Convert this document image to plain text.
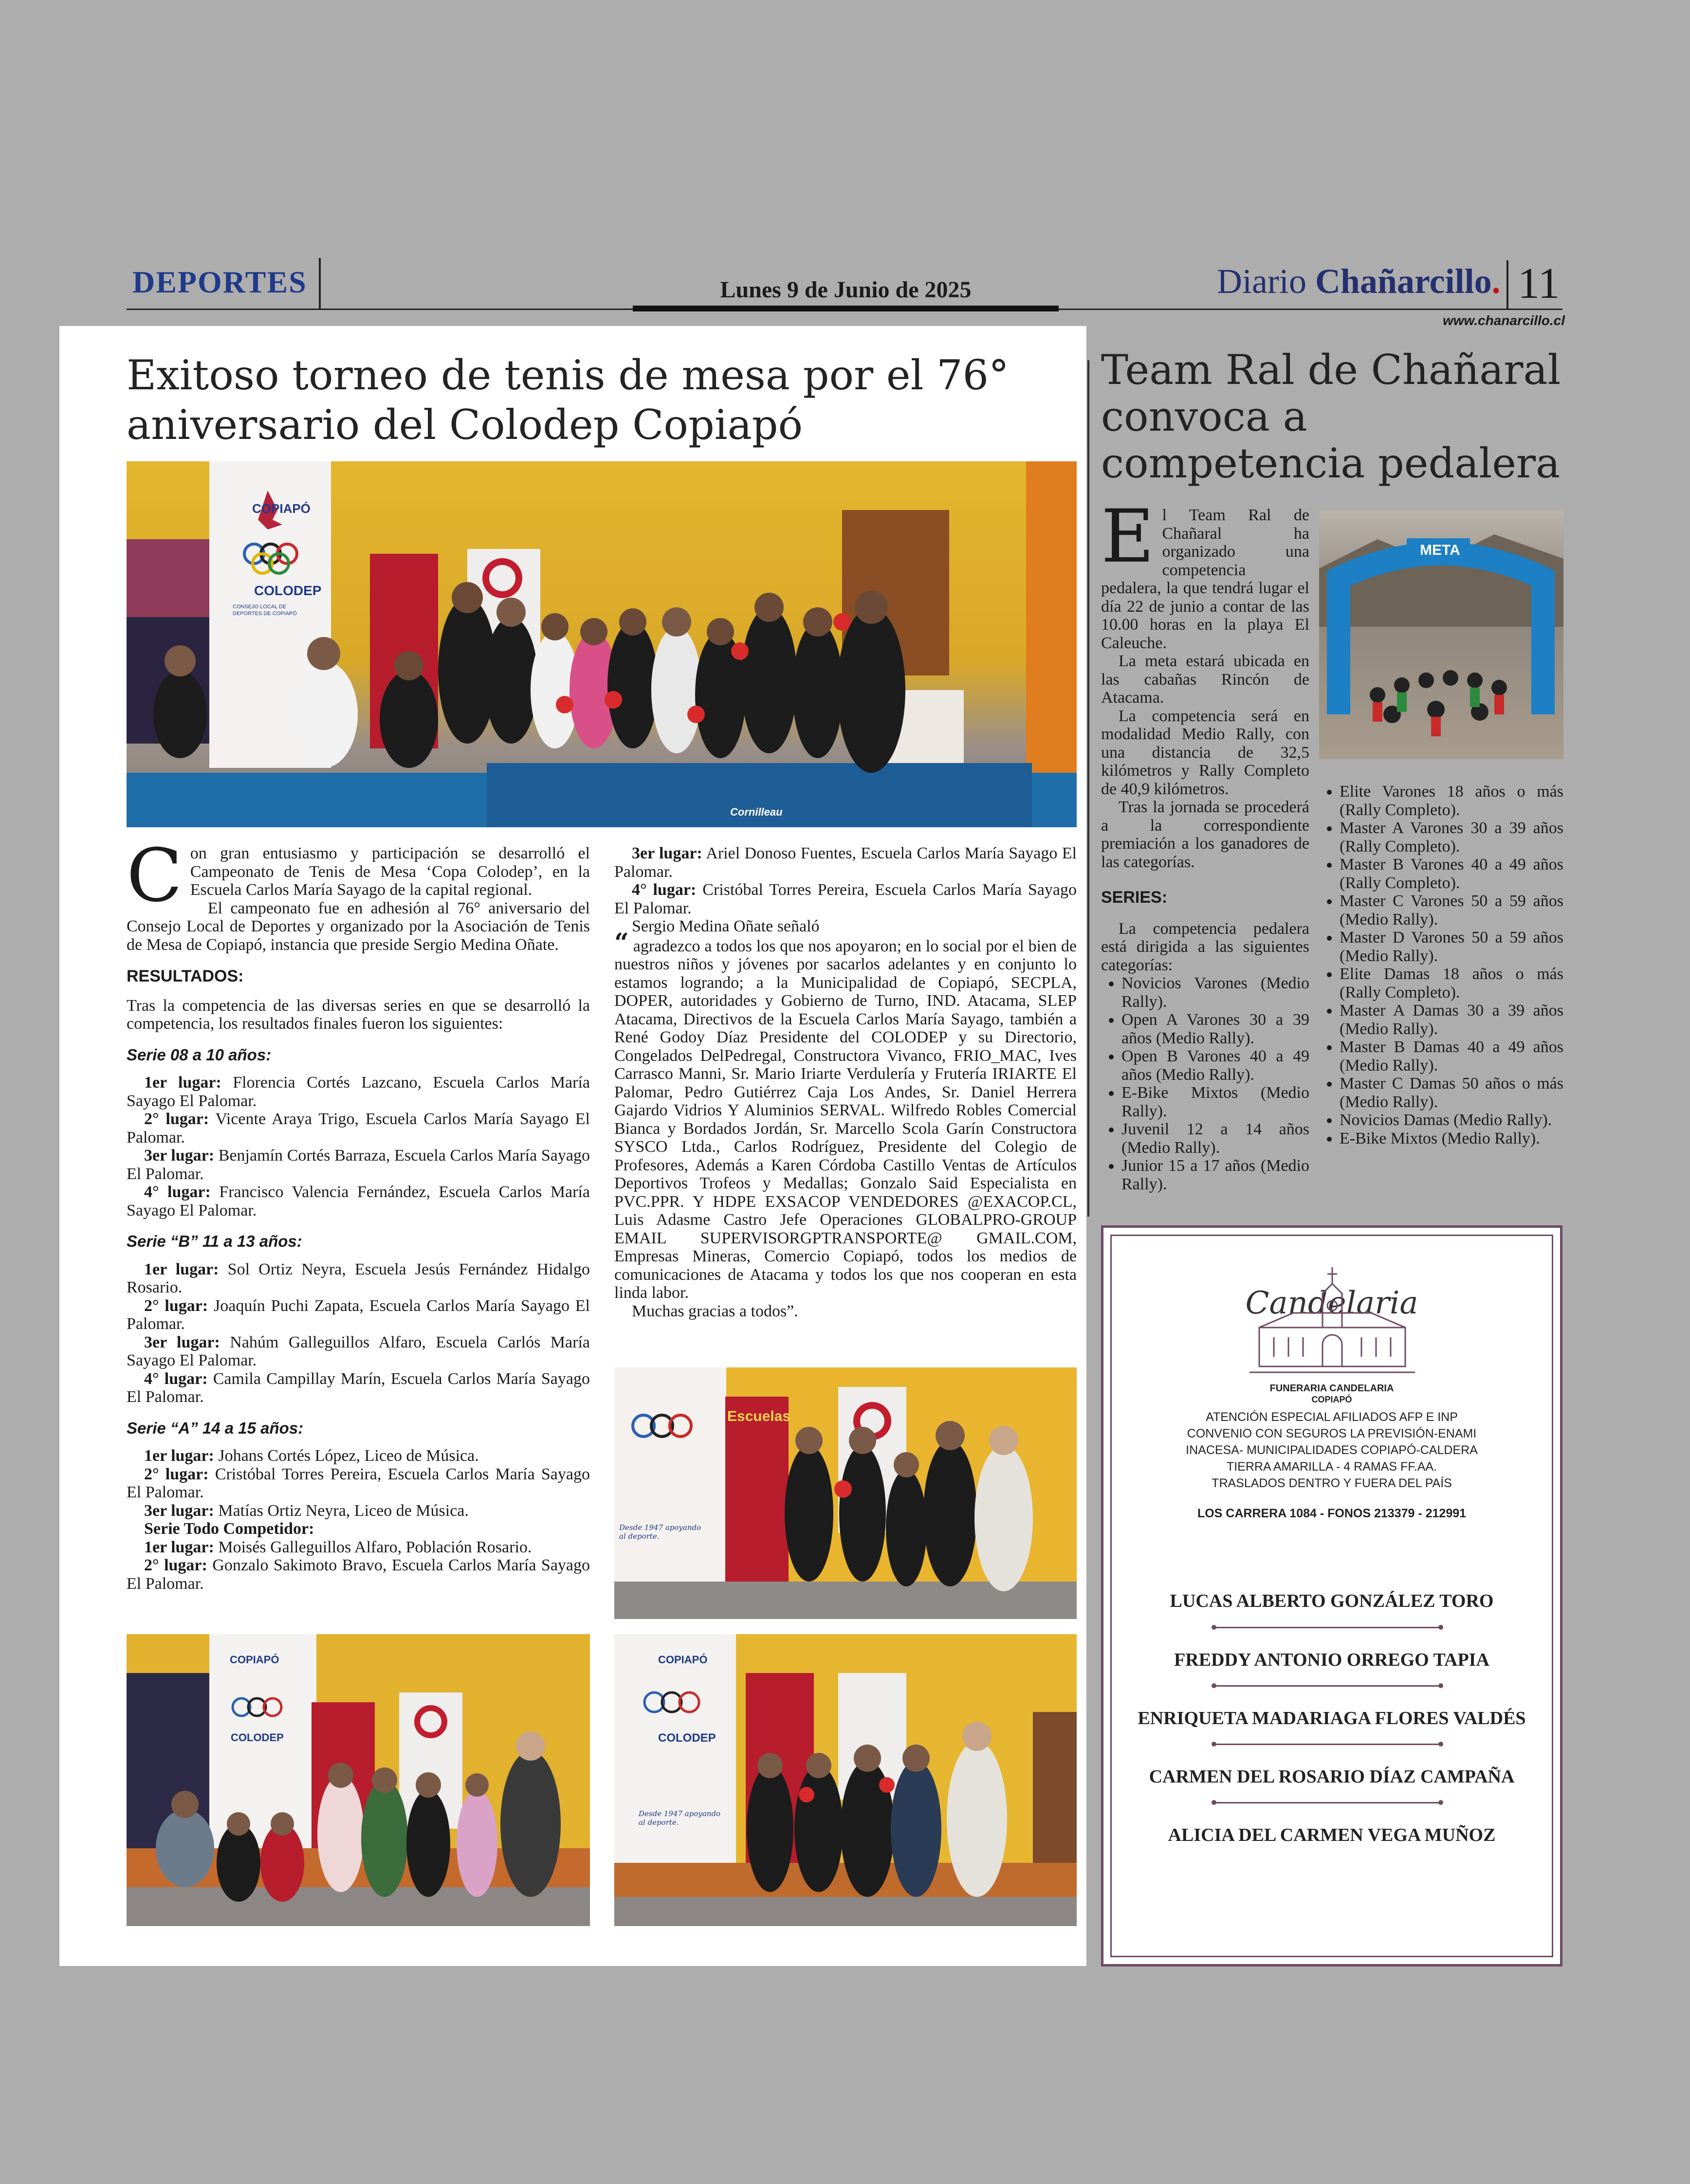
DEPORTES	Lunes 9 de Junio de 2025	Diario Chañarcillo. 11
www.chanarcillo.cl
Exitoso torneo de tenis de mesa por el 76° aniversario del Colodep Copiapó
COPIAPÓ
COLODEP
CONSEJO LOCAL DE DEPORTES DE COPIAPÓ
Cornilleau
C on gran entusiasmo y participación se desarrolló el Campeonato de Tenis de Mesa ‘Copa Colodep’, en la Escuela Carlos María Sayago de la capital regional.

El campeonato fue en adhesión al 76° aniversario del Consejo Local de Deportes y organizado por la Asociación de Tenis de Mesa de Copiapó, instancia que preside Sergio Medina Oñate.

RESULTADOS:

Tras la competencia de las diversas series en que se desarrolló la competencia, los resultados finales fueron los siguientes:

Serie 08 a 10 años:

1er lugar: Florencia Cortés Lazcano, Escuela Carlos María Sayago El Palomar.

2° lugar: Vicente Araya Trigo, Escuela Carlos María Sayago El Palomar.

3er lugar: Benjamín Cortés Barraza, Escuela Carlos María Sayago El Palomar.

4° lugar: Francisco Valencia Fernández, Escuela Carlos María Sayago El Palomar.

Serie “B” 11 a 13 años:

1er lugar: Sol Ortiz Neyra, Escuela Jesús Fernández Hidalgo Rosario.

2° lugar: Joaquín Puchi Zapata, Escuela Carlos María Sayago El Palomar.

3er lugar: Nahúm Galleguillos Alfaro, Escuela Carlós María Sayago El Palomar.

4° lugar: Camila Campillay Marín, Escuela Carlos María Sayago El Palomar.

Serie “A” 14 a 15 años:

1er lugar: Johans Cortés López, Liceo de Música.

2° lugar: Cristóbal Torres Pereira, Escuela Carlos María Sayago El Palomar.

3er lugar: Matías Ortiz Neyra, Liceo de Música.

Serie Todo Competidor:

1er lugar: Moisés Galleguillos Alfaro, Población Rosario.

2° lugar: Gonzalo Sakimoto Bravo, Escuela Carlos María Sayago El Palomar.

3er lugar: Ariel Donoso Fuentes, Escuela Carlos María Sayago El Palomar.

4° lugar: Cristóbal Torres Pereira, Escuela Carlos María Sayago El Palomar.

Sergio Medina Oñate señaló

“ agradezco a todos los que nos apoyaron; en lo social por el bien de nuestros niños y jóvenes por sacarlos adelantes y en conjunto lo estamos logrando; a la Municipalidad de Copiapó, SECPLA, DOPER, autoridades y Gobierno de Turno, IND. Atacama, SLEP Atacama, Directivos de la Escuela Carlos María Sayago, también a René Godoy Díaz Presidente del COLODEP y su Directorio, Congelados DelPedregal, Constructora Vivanco, FRIO_MAC, Ives Carrasco Manni, Sr. Mario Iriarte Verdulería y Frutería IRIARTE El Palomar, Pedro Gutiérrez Caja Los Andes, Sr. Daniel Herrera Gajardo Vidrios Y Aluminios SERVAL. Wilfredo Robles Comercial Bianca y Bordados Jordán, Sr. Marcello Scola Garín Constructora SYSCO Ltda., Carlos Rodríguez, Presidente del Colegio de Profesores, Además a Karen Córdoba Castillo Ventas de Artículos Deportivos Trofeos y Medallas; Gonzalo Said Especialista en PVC.PPR. Y HDPE EXSACOP VENDEDORES @EXACOP.CL, Luis Adasme Castro Jefe Operaciones GLOBALPRO-GROUP EMAIL SUPERVISORGPTRANSPORTE@ GMAIL.COM, Empresas Mineras, Comercio Copiapó, todos los medios de comunicaciones de Atacama y todos los que nos cooperan en esta linda labor.

Muchas gracias a todos”.

Escuelas
Desde 1947 apoyando al deporte.
COPIAPÓ
COLODEP
COPIAPÓ
COLODEP
Desde 1947 apoyando al deporte.
Team Ral de Chañaral convoca a competencia pedalera
META
E l Team Ral de Chañaral ha organizado una competencia pedalera, la que tendrá lugar el día 22 de junio a contar de las 10.00 horas en la playa El Caleuche.

La meta estará ubicada en las cabañas Rincón de Atacama.

La competencia será en modalidad Medio Rally, con una distancia de 32,5 kilómetros y Rally Completo de 40,9 kilómetros.

Tras la jornada se procederá a la correspondiente premiación a los ganadores de las categorías.

SERIES:

La competencia pedalera está dirigida a las siguientes categorías:

• Novicios Varones (Medio Rally).
• Open A Varones 30 a 39 años (Medio Rally).
• Open B Varones 40 a 49 años (Medio Rally).
• E-Bike Mixtos (Medio Rally).
• Juvenil 12 a 14 años (Medio Rally).
• Junior 15 a 17 años (Medio Rally).
• Elite Varones 18 años o más (Rally Completo).
• Master A Varones 30 a 39 años (Rally Completo).
• Master B Varones 40 a 49 años (Rally Completo).
• Master C Varones 50 a 59 años (Medio Rally).
• Master D Varones 50 a 59 años (Medio Rally).
• Elite Damas 18 años o más (Rally Completo).
• Master A Damas 30 a 39 años (Medio Rally).
• Master B Damas 40 a 49 años (Medio Rally).
• Master C Damas 50 años o más (Medio Rally).
• Novicios Damas (Medio Rally).
• E-Bike Mixtos (Medio Rally).
Candelaria
FUNERARIA CANDELARIA
COPIAPÓ
ATENCIÓN ESPECIAL AFILIADOS AFP E INP
CONVENIO CON SEGUROS LA PREVISIÓN-ENAMI
INACESA- MUNICIPALIDADES COPIAPÓ-CALDERA
TIERRA AMARILLA - 4 RAMAS FF.AA.
TRASLADOS DENTRO Y FUERA DEL PAÍS
LOS CARRERA 1084 - FONOS 213379 - 212991
LUCAS ALBERTO GONZÁLEZ TORO
FREDDY ANTONIO ORREGO TAPIA
ENRIQUETA MADARIAGA FLORES VALDÉS
CARMEN DEL ROSARIO DÍAZ CAMPAÑA
ALICIA DEL CARMEN VEGA MUÑOZ
